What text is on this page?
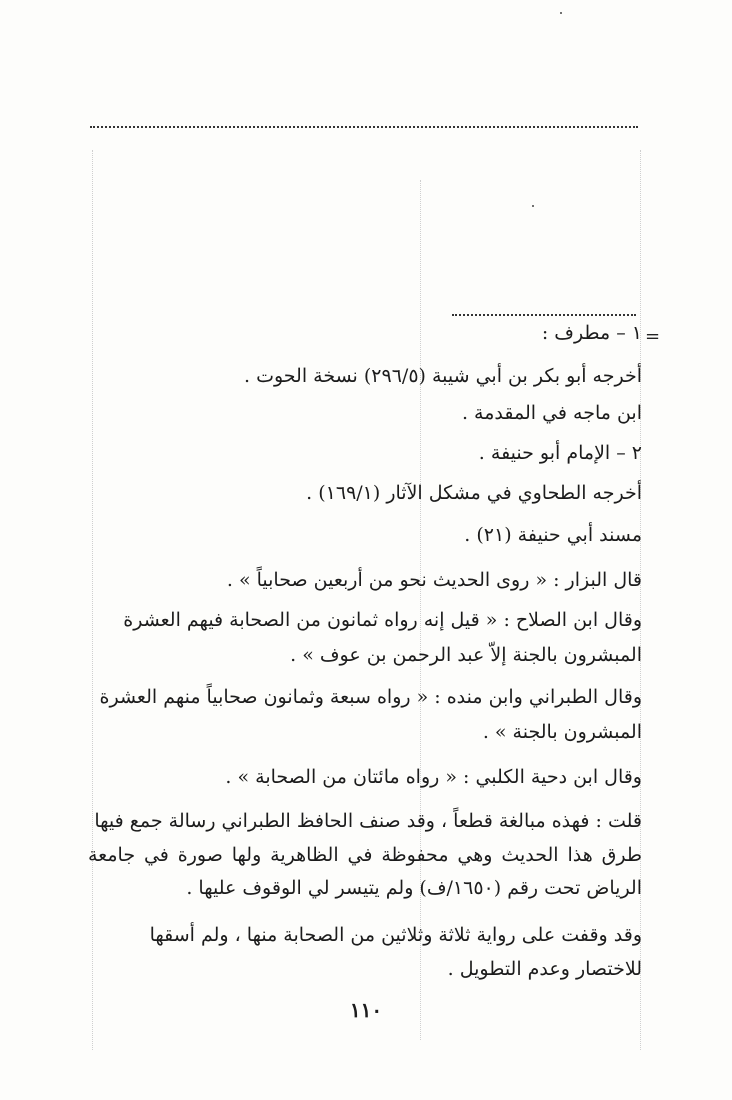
=
١ – مطرف :
أخرجه أبو بكر بن أبي شيبة (٢٩٦/٥) نسخة الحوت .
ابن ماجه في المقدمة .
٢ – الإمام أبو حنيفة .
أخرجه الطحاوي في مشكل الآثار (١٦٩/١) .
مسند أبي حنيفة (٢١) .
قال البزار : « روى الحديث نحو من أربعين صحابياً » .
وقال ابن الصلاح : « قيل إنه رواه ثمانون من الصحابة فيهم العشرة
المبشرون بالجنة إلاّ عبد الرحمن بن عوف » .
وقال الطبراني وابن منده : « رواه سبعة وثمانون صحابياً منهم العشرة
المبشرون بالجنة » .
وقال ابن دحية الكلبي : « رواه مائتان من الصحابة » .
قلت : فهذه مبالغة قطعاً ، وقد صنف الحافظ الطبراني رسالة جمع فيها
طرق هذا الحديث وهي محفوظة في الظاهرية ولها صورة في جامعة
الرياض تحت رقم (١٦٥٠/ف) ولم يتيسر لي الوقوف عليها .
وقد وقفت على رواية ثلاثة وثلاثين من الصحابة منها ، ولم أسقها
للاختصار وعدم التطويل .
١١٠
